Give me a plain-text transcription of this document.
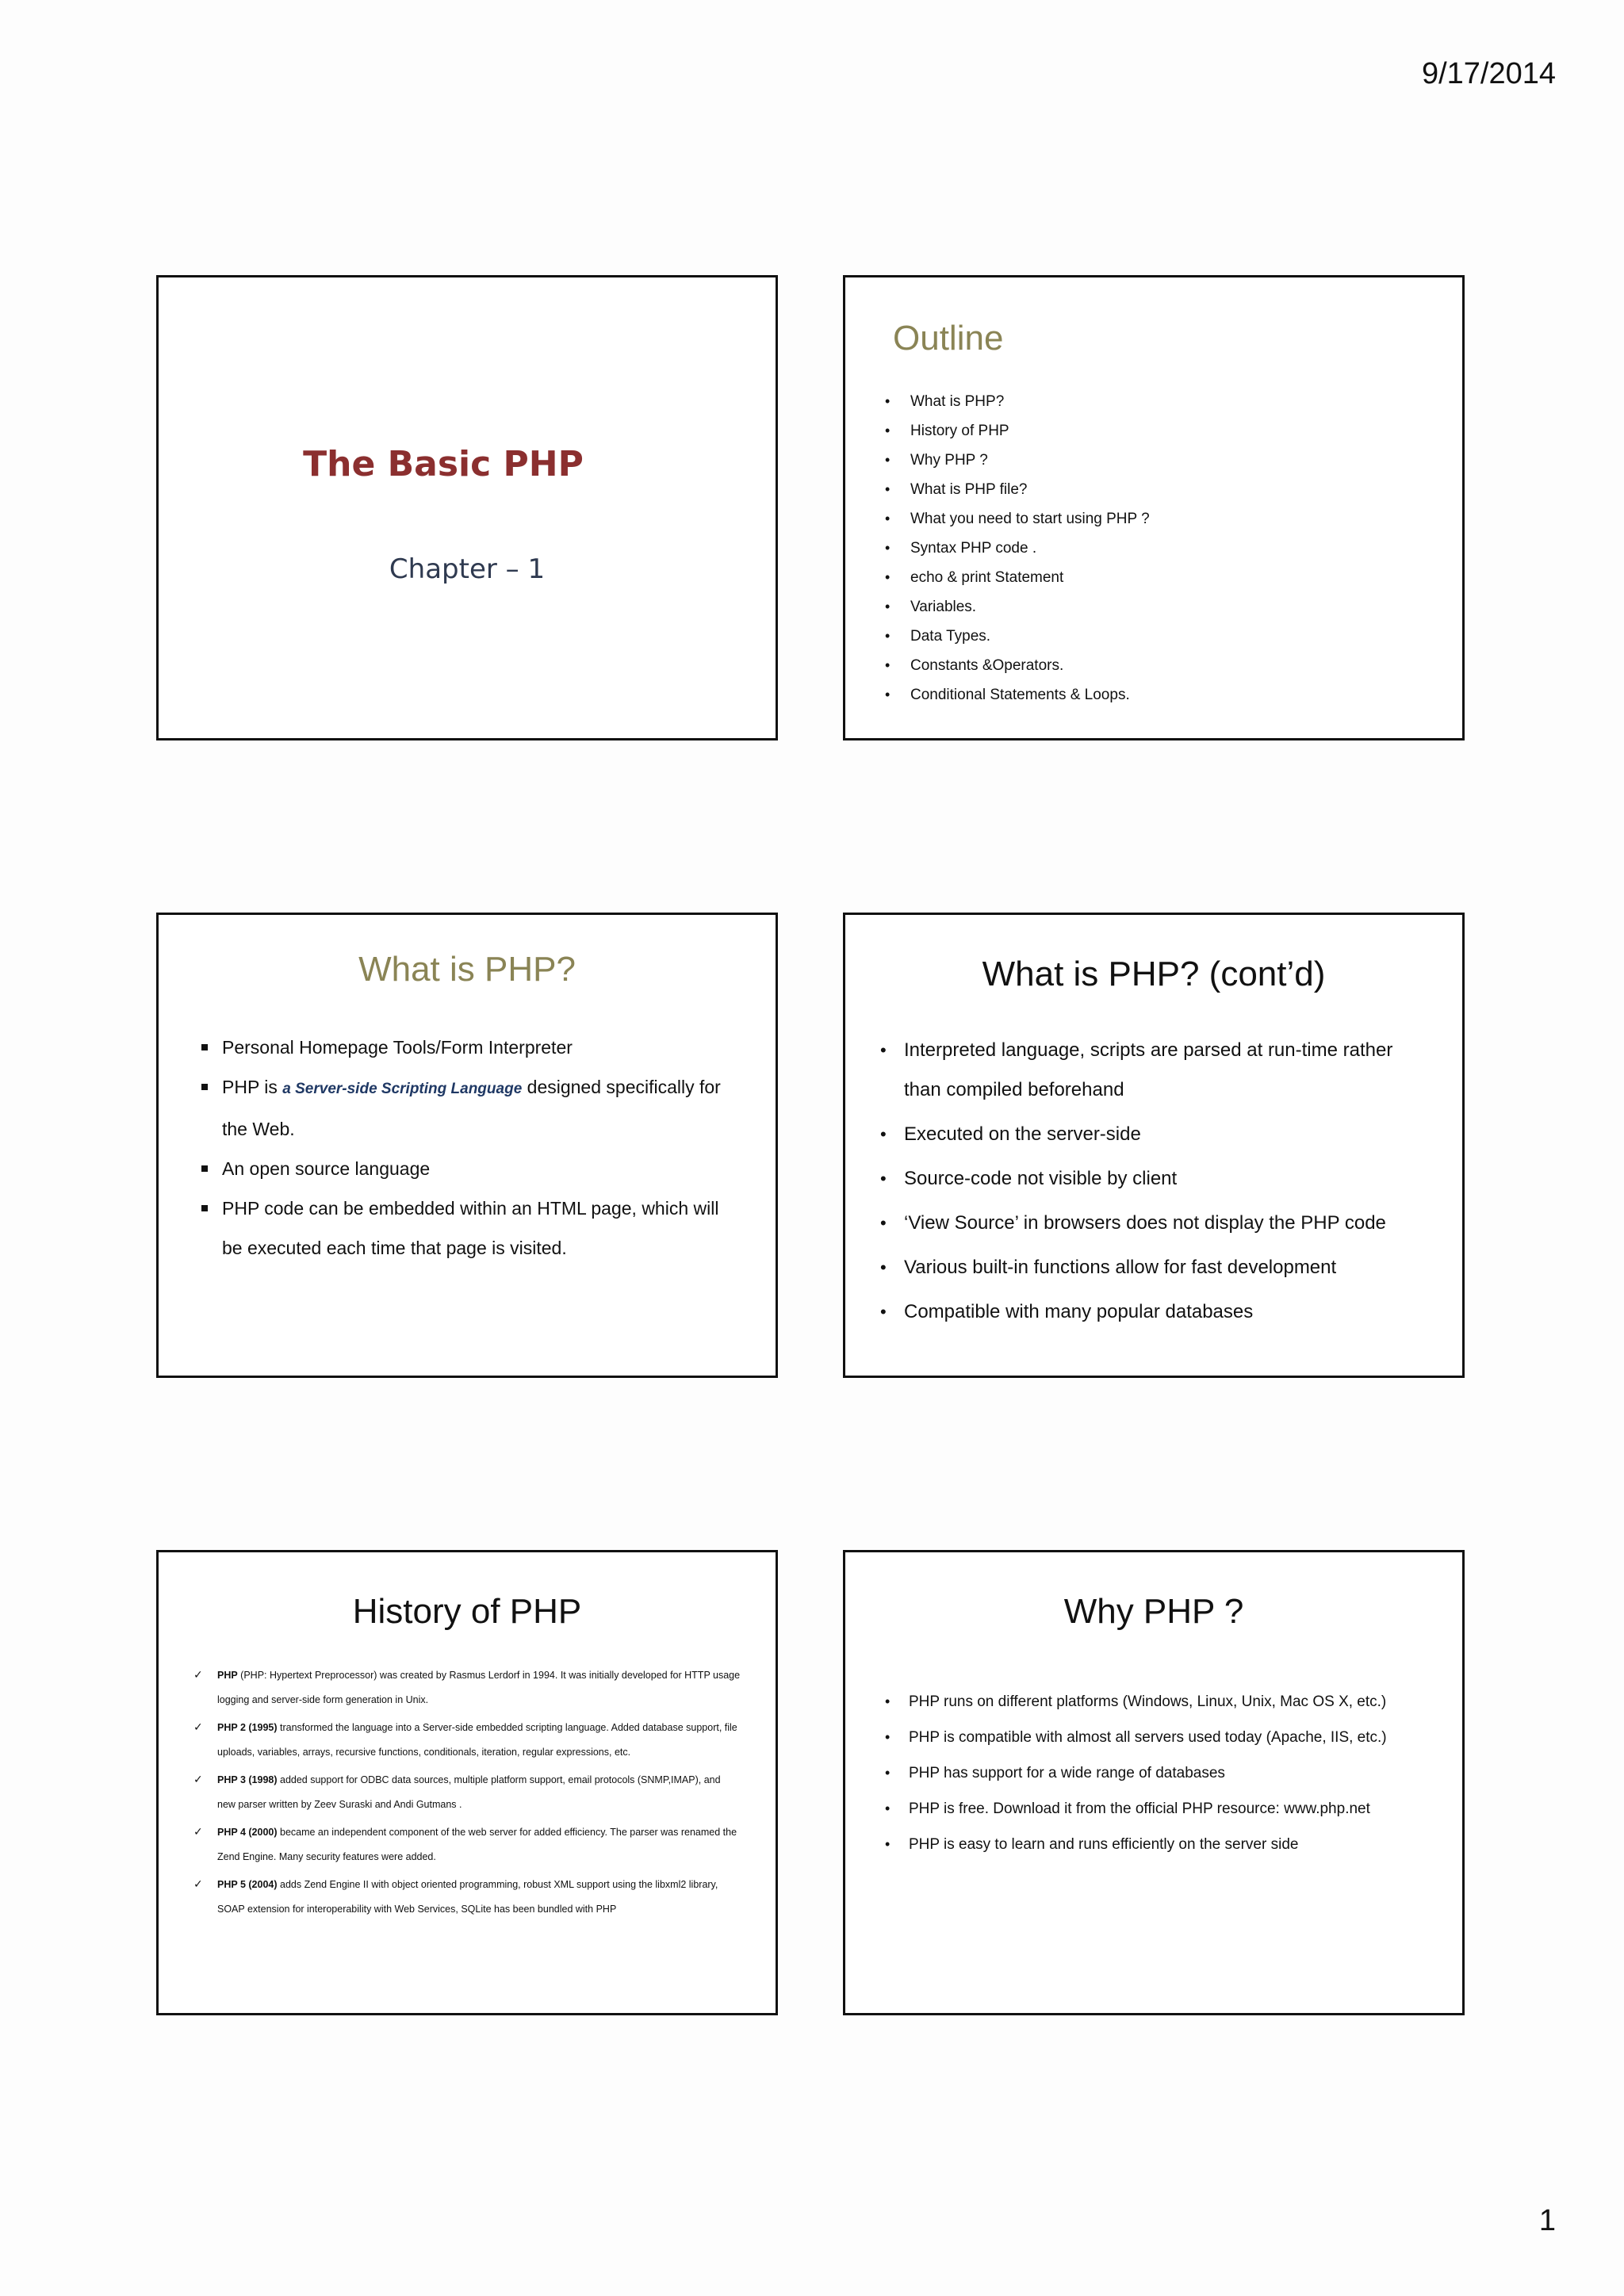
9/17/2014
The Basic PHP
Chapter – 1
Outline
• What is PHP?
• History of PHP
• Why PHP ?
• What is PHP file?
• What you need to start using PHP ?
• Syntax PHP code .
• echo & print Statement
• Variables.
• Data Types.
• Constants &Operators.
• Conditional Statements & Loops.
What is PHP?
Personal Homepage Tools/Form Interpreter
PHP is a Server-side Scripting Language designed specifically for the Web.
An open source language
PHP code can be embedded within an HTML page, which will be executed each time that page is visited.
What is PHP? (cont’d)
• Interpreted language, scripts are parsed at run-time rather than compiled beforehand
• Executed on the server-side
• Source-code not visible by client
• ‘View Source’ in browsers does not display the PHP code
• Various built-in functions allow for fast development
• Compatible with many popular databases
History of PHP
✓ PHP (PHP: Hypertext Preprocessor) was created by Rasmus Lerdorf in 1994. It was initially developed for HTTP usage logging and server-side form generation in Unix.
✓ PHP 2 (1995) transformed the language into a Server-side embedded scripting language. Added database support, file uploads, variables, arrays, recursive functions, conditionals, iteration, regular expressions, etc.
✓ PHP 3 (1998) added support for ODBC data sources, multiple platform support, email protocols (SNMP,IMAP), and new parser written by Zeev Suraski and Andi Gutmans .
✓ PHP 4 (2000) became an independent component of the web server for added efficiency. The parser was renamed the Zend Engine. Many security features were added.
✓ PHP 5 (2004) adds Zend Engine II with object oriented programming, robust XML support using the libxml2 library, SOAP extension for interoperability with Web Services, SQLite has been bundled with PHP
Why PHP ?
• PHP runs on different platforms (Windows, Linux, Unix, Mac OS X, etc.)
• PHP is compatible with almost all servers used today (Apache, IIS, etc.)
• PHP has support for a wide range of databases
• PHP is free. Download it from the official PHP resource: www.php.net
• PHP is easy to learn and runs efficiently on the server side
1
